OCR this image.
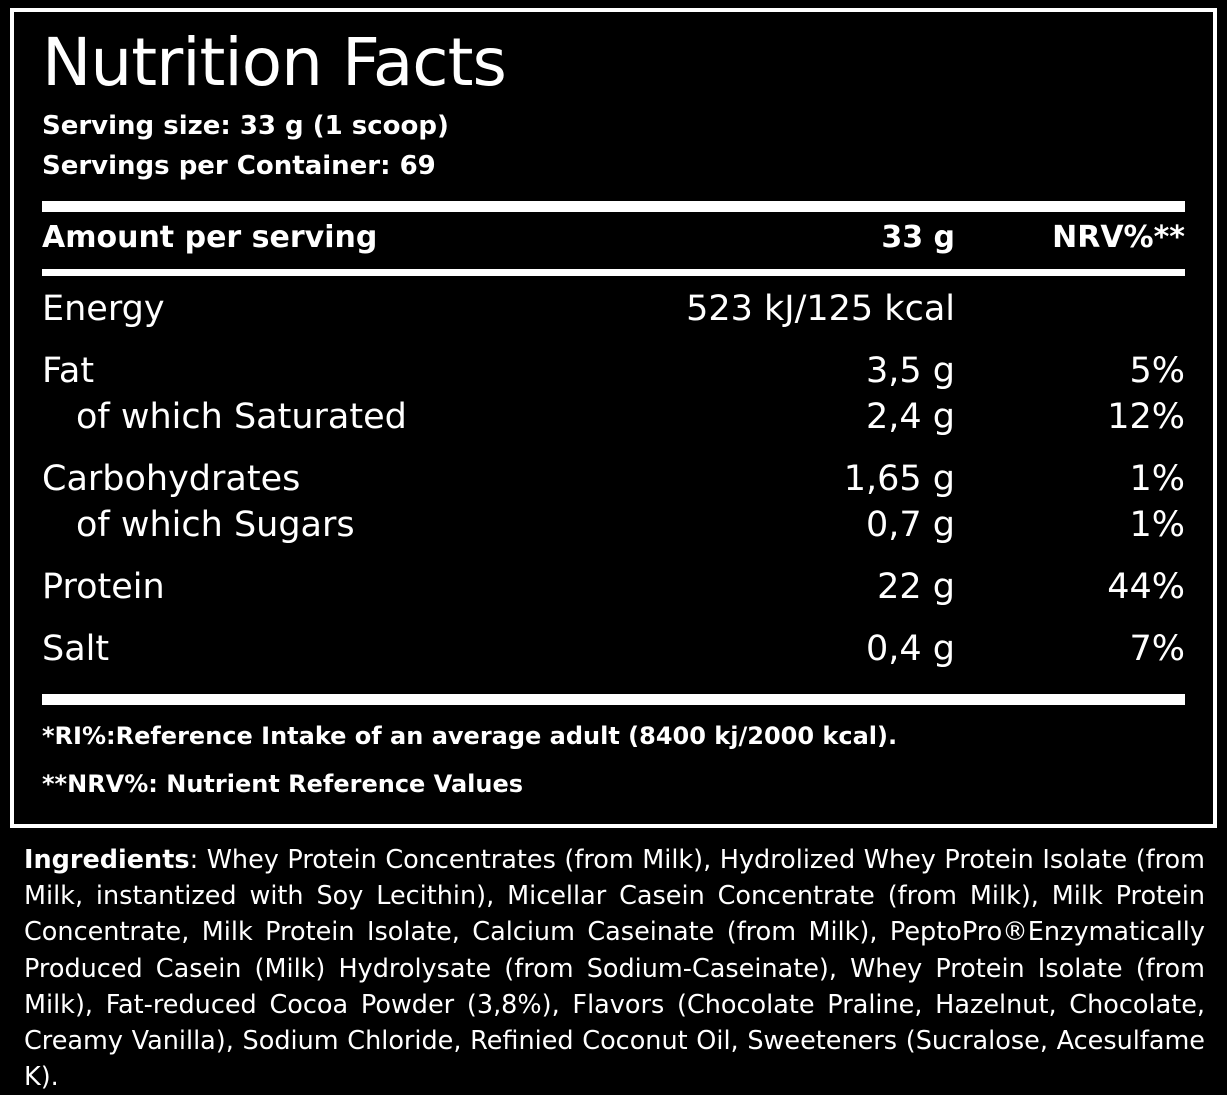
Nutrition Facts
Serving size: 33 g (1 scoop)
Servings per Container: 69
Amount per serving	33 g	NRV%**
Energy	523 kJ/125 kcal
Fat	3,5 g	5%
of which Saturated	2,4 g	12%
Carbohydrates	1,65 g	1%
of which Sugars	0,7 g	1%
Protein	22 g	44%
Salt	0,4 g	7%
*RI%:Reference Intake of an average adult (8400 kj/2000 kcal).
**NRV%: Nutrient Reference Values
Ingredients: Whey Protein Concentrates (from Milk), Hydrolized Whey Protein Isolate (from Milk, instantized with Soy Lecithin), Micellar Casein Concentrate (from Milk), Milk Protein Concentrate, Milk Protein Isolate, Calcium Caseinate (from Milk), PeptoPro®Enzymatically Produced Casein (Milk) Hydrolysate (from Sodium-Caseinate), Whey Protein Isolate (from Milk), Fat-reduced Cocoa Powder (3,8%), Flavors (Chocolate Praline, Hazelnut, Chocolate, Creamy Vanilla), Sodium Chloride, Refinied Coconut Oil, Sweeteners (Sucralose, Acesulfame K).
